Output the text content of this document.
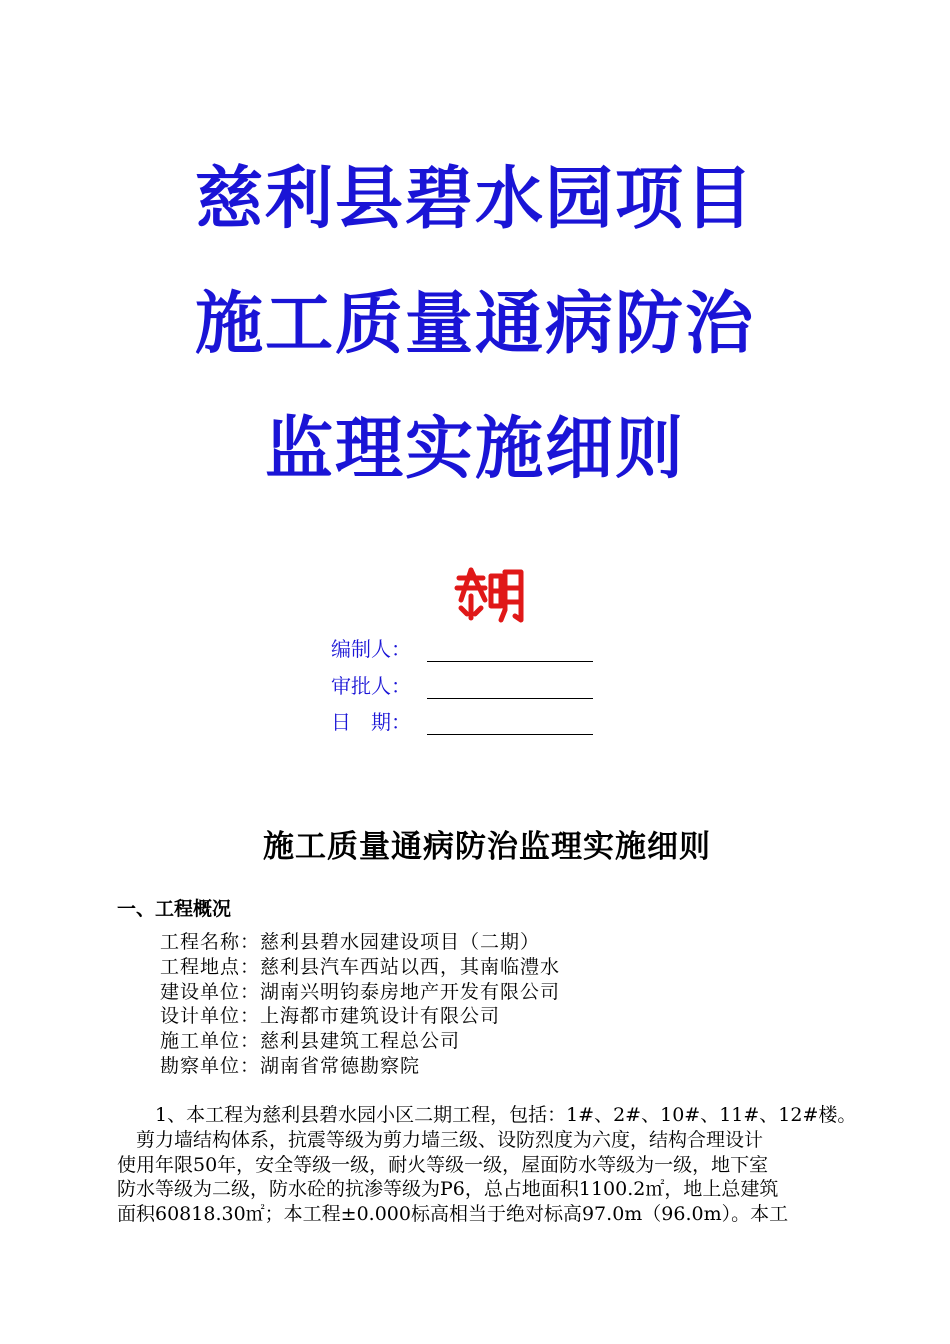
慈利县碧水园项目
施工质量通病防治
监理实施细则
编制人：
审批人：
日　期：
施工质量通病防治监理实施细则
一、工程概况
工程名称：慈利县碧水园建设项目（二期）
工程地点：慈利县汽车西站以西，其南临澧水
建设单位：湖南兴明钧泰房地产开发有限公司
设计单位：上海都市建筑设计有限公司
施工单位：慈利县建筑工程总公司
勘察单位：湖南省常德勘察院
　　1、本工程为慈利县碧水园小区二期工程，包括：1#、2#、10#、11#、12#楼。
　剪力墙结构体系，抗震等级为剪力墙三级、设防烈度为六度，结构合理设计
使用年限50年，安全等级一级，耐火等级一级，屋面防水等级为一级，地下室
防水等级为二级，防水砼的抗渗等级为P6，总占地面积1100.2㎡，地上总建筑
面积60818.30㎡；本工程±0.000标高相当于绝对标高97.0m（96.0m）。本工
